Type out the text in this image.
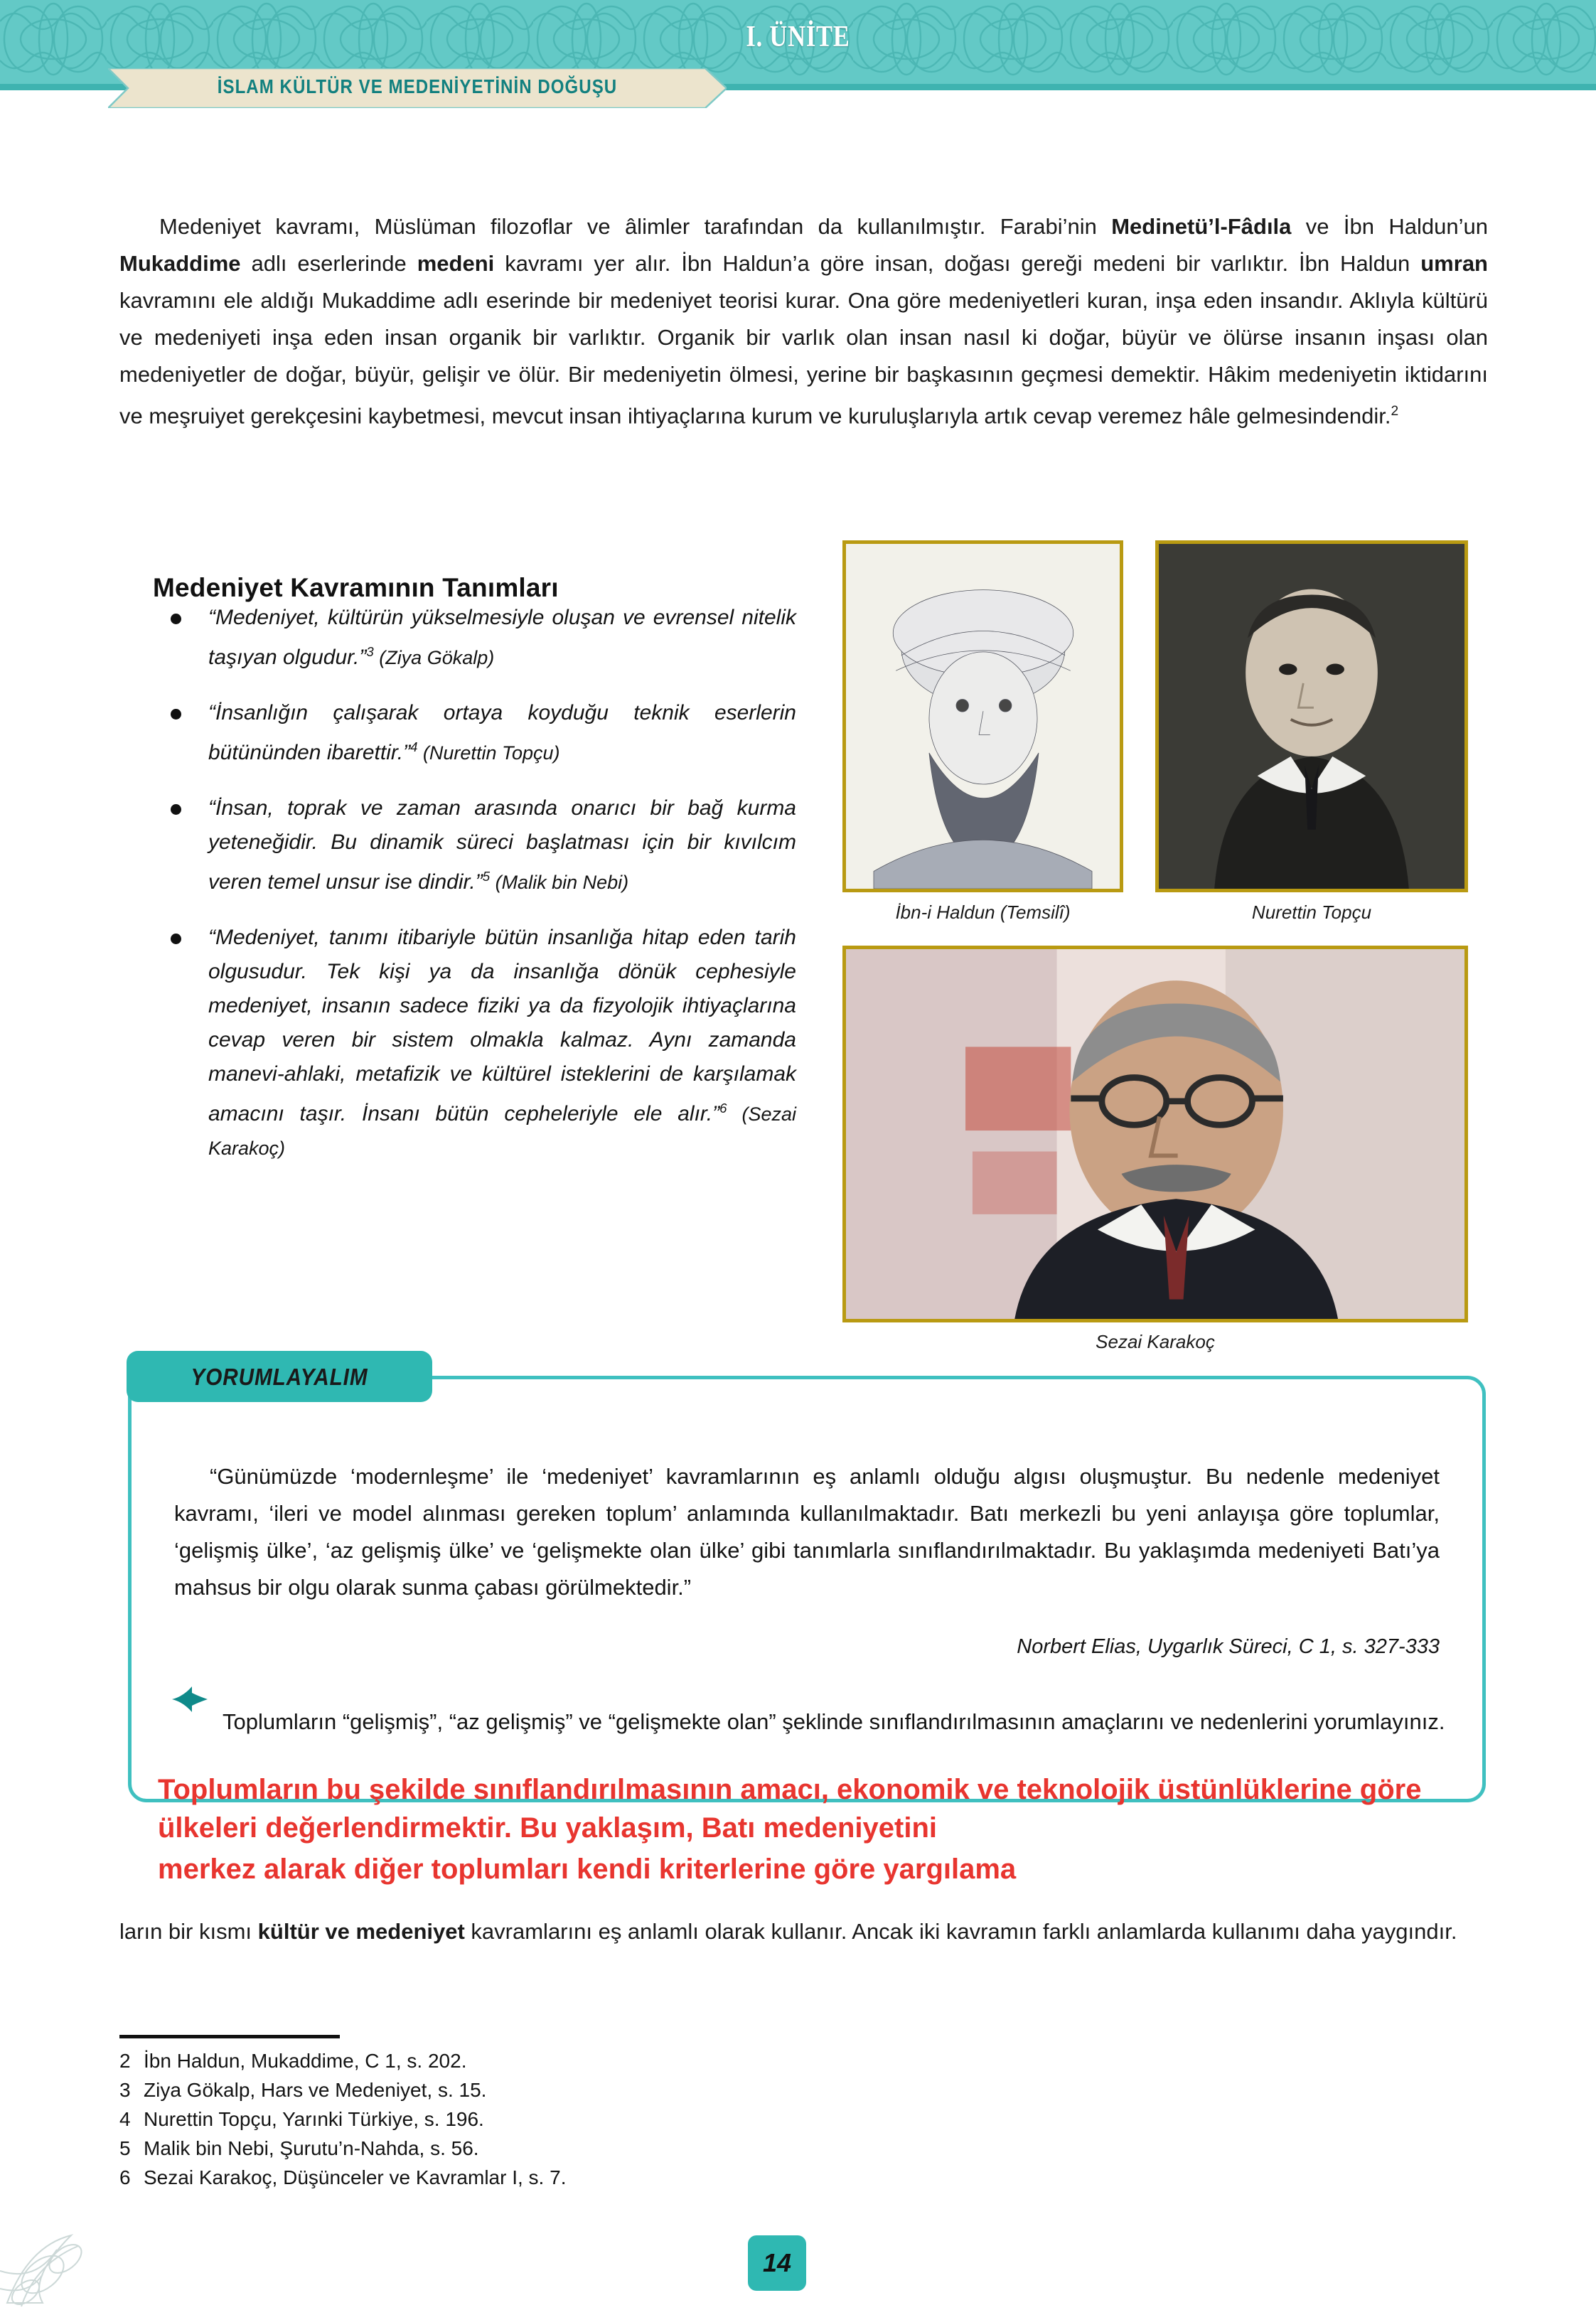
I. ÜNİTE
İSLAM KÜLTÜR VE MEDENİYETİNİN DOĞUŞU

Medeniyet kavramı, Müslüman filozoflar ve âlimler tarafından da kullanılmıştır. Farabi’nin Medinetü’l-Fâdıla ve İbn Haldun’un Mukaddime adlı eserlerinde medeni kavramı yer alır. İbn Haldun’a göre insan, doğası gereği medeni bir varlıktır. İbn Haldun umran kavramını ele aldığı Mukaddime adlı eserinde bir medeniyet teorisi kurar. Ona göre medeniyetleri kuran, inşa eden insandır. Aklıyla kültürü ve medeniyeti inşa eden insan organik bir varlıktır. Organik bir varlık olan insan nasıl ki doğar, büyür ve ölürse insanın inşası olan medeniyetler de doğar, büyür, gelişir ve ölür. Bir medeniyetin ölmesi, yerine bir başkasının geçmesi demektir. Hâkim medeniyetin iktidarını ve meşruiyet gerekçesini kaybetmesi, mevcut insan ihtiyaçlarına kurum ve kuruluşlarıyla artık cevap veremez hâle gelmesindendir.$^2$

Medeniyet Kavramının Tanımları
“Medeniyet, kültürün yükselmesiyle oluşan ve evrensel nitelik taşıyan olgudur.”$^3$ (Ziya Gökalp)
“İnsanlığın çalışarak ortaya koyduğu teknik eserlerin bütününden ibarettir.”$^4$ (Nurettin Topçu)
“İnsan, toprak ve zaman arasında onarıcı bir bağ kurma yeteneğidir. Bu dinamik süreci başlatması için bir kıvılcım veren temel unsur ise dindir.”$^5$ (Malik bin Nebi)
“Medeniyet, tanımı itibariyle bütün insanlığa hitap eden tarih olgusudur. Tek kişi ya da insanlığa dönük cephesiyle medeniyet, insanın sadece fiziki ya da fizyolojik ihtiyaçlarına cevap veren bir sistem olmakla kalmaz. Aynı zamanda manevi-ahlaki, metafizik ve kültürel isteklerini de karşılamak amacını taşır. İnsanı bütün cepheleriyle ele alır.”$^6$ (Sezai Karakoç)
İbn-i Haldun (Temsilî)	Nurettin Topçu
Sezai Karakoç
YORUMLAYALIM

“Günümüzde ‘modernleşme’ ile ‘medeniyet’ kavramlarının eş anlamlı olduğu algısı oluşmuştur. Bu nedenle medeniyet kavramı, ‘ileri ve model alınması gereken toplum’ anlamında kullanılmaktadır. Batı merkezli bu yeni anlayışa göre toplumlar, ‘gelişmiş ülke’, ‘az gelişmiş ülke’ ve ‘gelişmekte olan ülke’ gibi tanımlarla sınıflandırılmaktadır. Bu yaklaşımda medeniyeti Batı’ya mahsus bir olgu olarak sunma çabası görülmektedir.”

Norbert Elias, Uygarlık Süreci, C 1, s. 327-333

Toplumların “gelişmiş”, “az gelişmiş” ve “gelişmekte olan” şeklinde sınıflandırılmasının amaçlarını ve nedenlerini yorumlayınız.

Toplumların bu şekilde sınıflandırılmasının amacı, ekonomik ve teknolojik üstünlüklerine göre ülkeleri değerlendirmektir. Bu yaklaşım, Batı medeniyetini
merkez alarak diğer toplumları kendi kriterlerine göre yargılama

ların bir kısmı kültür ve medeniyet kavramlarını eş anlamlı olarak kullanır. Ancak iki kavramın farklı anlamlarda kullanımı daha yaygındır.

2 İbn Haldun, Mukaddime, C 1, s. 202.
3 Ziya Gökalp, Hars ve Medeniyet, s. 15.
4 Nurettin Topçu, Yarınki Türkiye, s. 196.
5 Malik bin Nebi, Şurutu’n-Nahda, s. 56.
6 Sezai Karakoç, Düşünceler ve Kavramlar I, s. 7.
14
